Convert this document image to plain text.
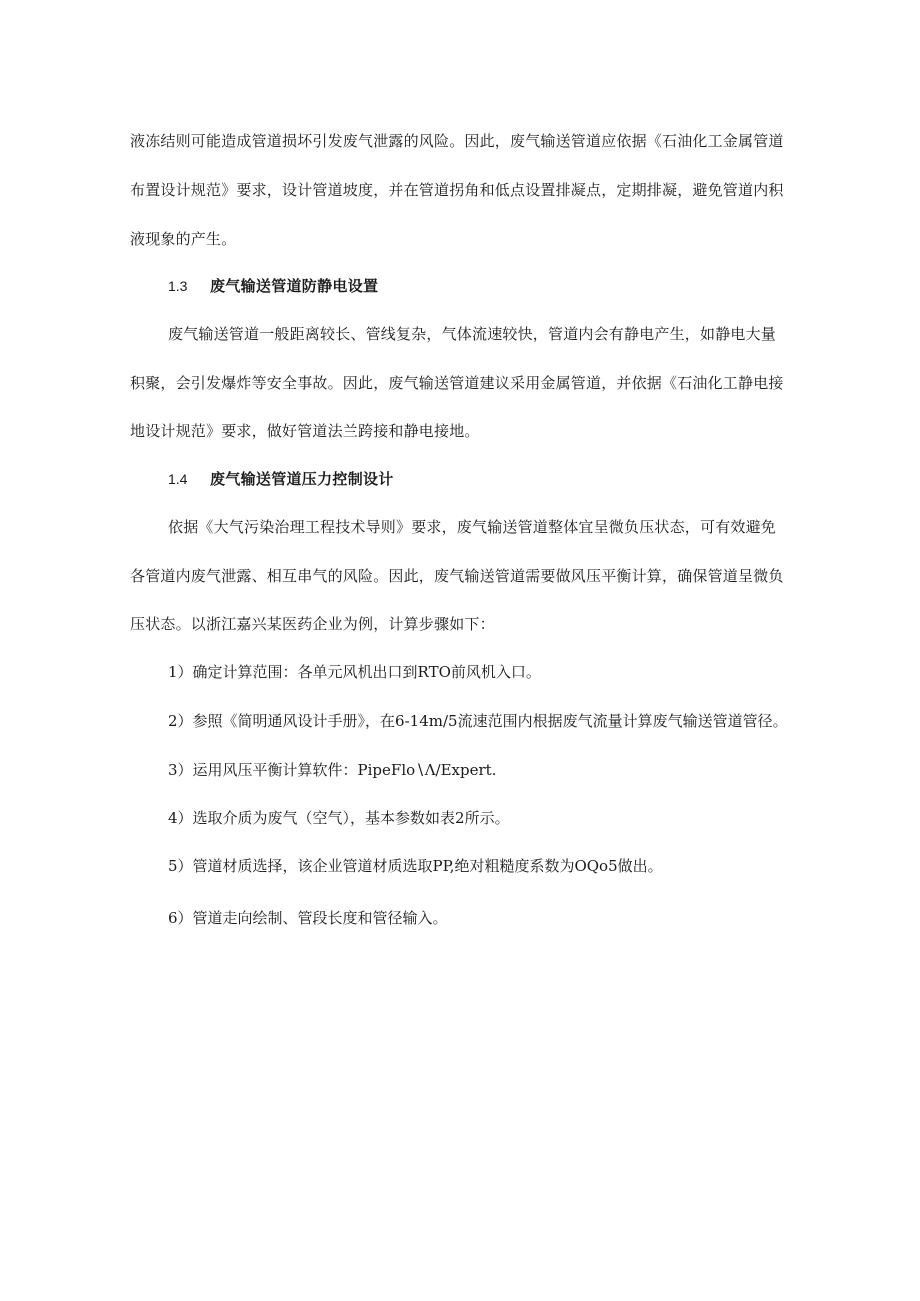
液冻结则可能造成管道损坏引发废气泄露的风险。因此，废气输送管道应依据《石油化工金属管道
布置设计规范》要求，设计管道坡度，并在管道拐角和低点设置排凝点，定期排凝，避免管道内积
液现象的产生。
1.3 废气输送管道防静电设置
废气输送管道一般距离较长、管线复杂，气体流速较快，管道内会有静电产生，如静电大量
积聚，会引发爆炸等安全事故。因此，废气输送管道建议采用金属管道，并依据《石油化工静电接
地设计规范》要求，做好管道法兰跨接和静电接地。
1.4 废气输送管道压力控制设计
依据《大气污染治理工程技术导则》要求，废气输送管道整体宜呈微负压状态，可有效避免
各管道内废气泄露、相互串气的风险。因此，废气输送管道需要做风压平衡计算，确保管道呈微负
压状态。以浙江嘉兴某医药企业为例，计算步骤如下：
1）确定计算范围：各单元风机出口到RTO前风机入口。
2）参照《简明通风设计手册》，在6-14m∕5流速范围内根据废气流量计算废气输送管道管径。
3）运用风压平衡计算软件：PipeFlo∖Λ∕Expert.
4）选取介质为废气（空气），基本参数如表2所示。
5）管道材质选择，该企业管道材质选取PP,绝对粗糙度系数为OQo5做出。
6）管道走向绘制、管段长度和管径输入。
